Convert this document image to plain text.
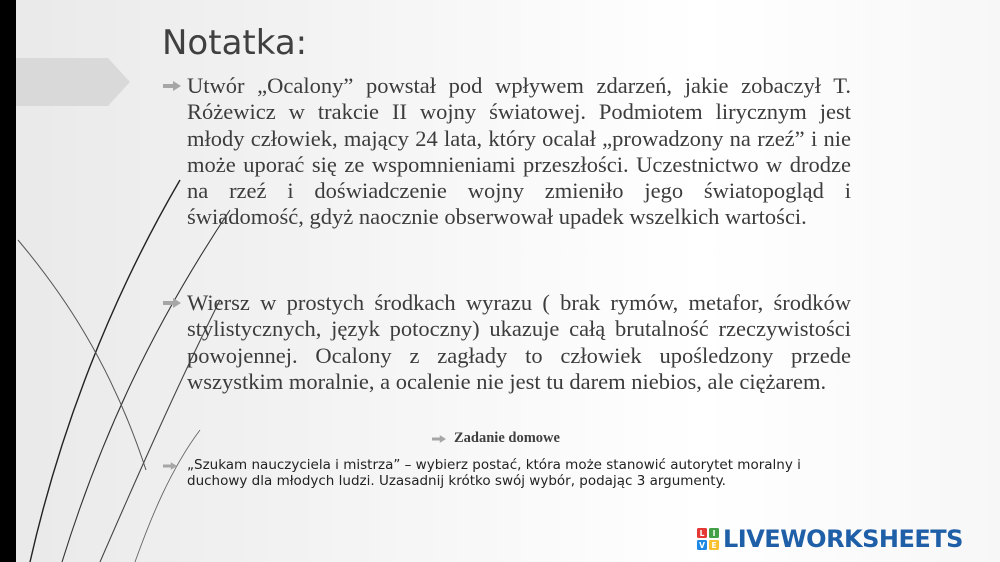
Notatka:

Utwór „Ocalony” powstał pod wpływem zdarzeń, jakie zobaczył T. Różewicz w trakcie II wojny światowej. Podmiotem lirycznym jest młody człowiek, mający 24 lata, który ocalał „prowadzony na rzeź” i nie może uporać się ze wspomnieniami przeszłości. Uczestnictwo w drodze na rzeź i doświadczenie wojny zmieniło jego światopogląd i świadomość, gdyż naocznie obserwował upadek wszelkich wartości.

Wiersz w prostych środkach wyrazu ( brak rymów, metafor, środków stylistycznych, język potoczny) ukazuje całą brutalność rzeczywistości powojennej. Ocalony z zagłady to człowiek upośledzony przede wszystkim moralnie, a ocalenie nie jest tu darem niebios, ale ciężarem.

Zadanie domowe

„Szukam nauczyciela i mistrza” – wybierz postać, która może stanowić autorytet moralny i duchowy dla młodych ludzi. Uzasadnij krótko swój wybór, podając 3 argumenty.

L I
V E LIVEWORKSHEETS
